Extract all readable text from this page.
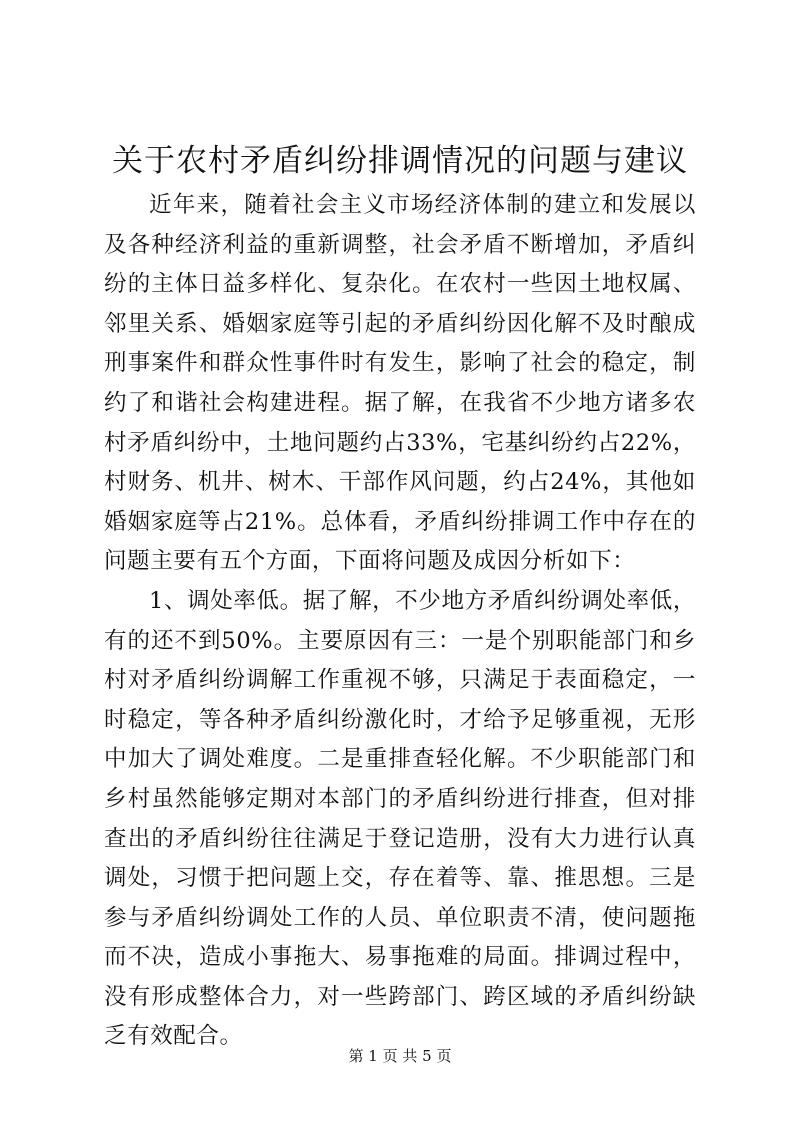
关于农村矛盾纠纷排调情况的问题与建议

近年来，随着社会主义市场经济体制的建立和发展以及各种经济利益的重新调整，社会矛盾不断增加，矛盾纠纷的主体日益多样化、复杂化。在农村一些因土地权属、邻里关系、婚姻家庭等引起的矛盾纠纷因化解不及时酿成刑事案件和群众性事件时有发生，影响了社会的稳定，制约了和谐社会构建进程。据了解，在我省不少地方诸多农村矛盾纠纷中，土地问题约占33%，宅基纠纷约占22%，村财务、机井、树木、干部作风问题，约占24%，其他如婚姻家庭等占21%。总体看，矛盾纠纷排调工作中存在的问题主要有五个方面，下面将问题及成因分析如下：

1、调处率低。据了解，不少地方矛盾纠纷调处率低，有的还不到50%。主要原因有三：一是个别职能部门和乡村对矛盾纠纷调解工作重视不够，只满足于表面稳定，一时稳定，等各种矛盾纠纷激化时，才给予足够重视，无形中加大了调处难度。二是重排查轻化解。不少职能部门和乡村虽然能够定期对本部门的矛盾纠纷进行排查，但对排查出的矛盾纠纷往往满足于登记造册，没有大力进行认真调处，习惯于把问题上交，存在着等、靠、推思想。三是参与矛盾纠纷调处工作的人员、单位职责不清，使问题拖而不决，造成小事拖大、易事拖难的局面。排调过程中，没有形成整体合力，对一些跨部门、跨区域的矛盾纠纷缺乏有效配合。

第 1 页 共 5 页
